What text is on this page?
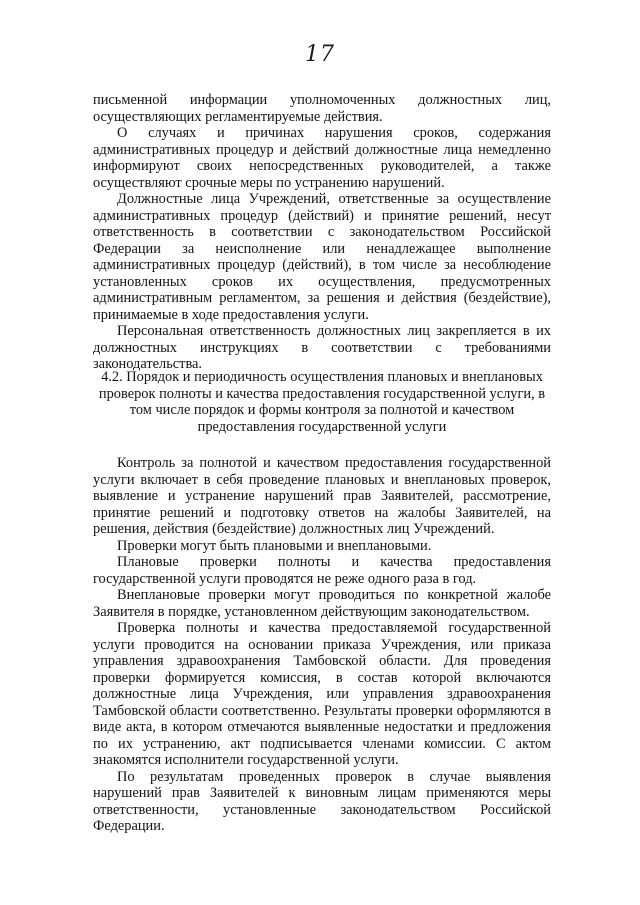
17

письменной информации уполномоченных должностных лиц, осуществляющих регламентируемые действия.

О случаях и причинах нарушения сроков, содержания административных процедур и действий должностные лица немедленно информируют своих непосредственных руководителей, а также осуществляют срочные меры по устранению нарушений.

Должностные лица Учреждений, ответственные за осуществление административных процедур (действий) и принятие решений, несут ответственность в соответствии с законодательством Российской Федерации за неисполнение или ненадлежащее выполнение административных процедур (действий), в том числе за несоблюдение установленных сроков их осуществления, предусмотренных административным регламентом, за решения и действия (бездействие), принимаемые в ходе предоставления услуги.

Персональная ответственность должностных лиц закрепляется в их должностных инструкциях в соответствии с требованиями законодательства.

4.2. Порядок и периодичность осуществления плановых и внеплановых проверок полноты и качества предоставления государственной услуги, в том числе порядок и формы контроля за полнотой и качеством предоставления государственной услуги

Контроль за полнотой и качеством предоставления государственной услуги включает в себя проведение плановых и внеплановых проверок, выявление и устранение нарушений прав Заявителей, рассмотрение, принятие решений и подготовку ответов на жалобы Заявителей, на решения, действия (бездействие) должностных лиц Учреждений.

Проверки могут быть плановыми и внеплановыми.

Плановые проверки полноты и качества предоставления государственной услуги проводятся не реже одного раза в год.

Внеплановые проверки могут проводиться по конкретной жалобе Заявителя в порядке, установленном действующим законодательством.

Проверка полноты и качества предоставляемой государственной услуги проводится на основании приказа Учреждения, или приказа управления здравоохранения Тамбовской области. Для проведения проверки формируется комиссия, в состав которой включаются должностные лица Учреждения, или управления здравоохранения Тамбовской области соответственно. Результаты проверки оформляются в виде акта, в котором отмечаются выявленные недостатки и предложения по их устранению, акт подписывается членами комиссии. С актом знакомятся исполнители государственной услуги.

По результатам проведенных проверок в случае выявления нарушений прав Заявителей к виновным лицам применяются меры ответственности, установленные законодательством Российской Федерации.
